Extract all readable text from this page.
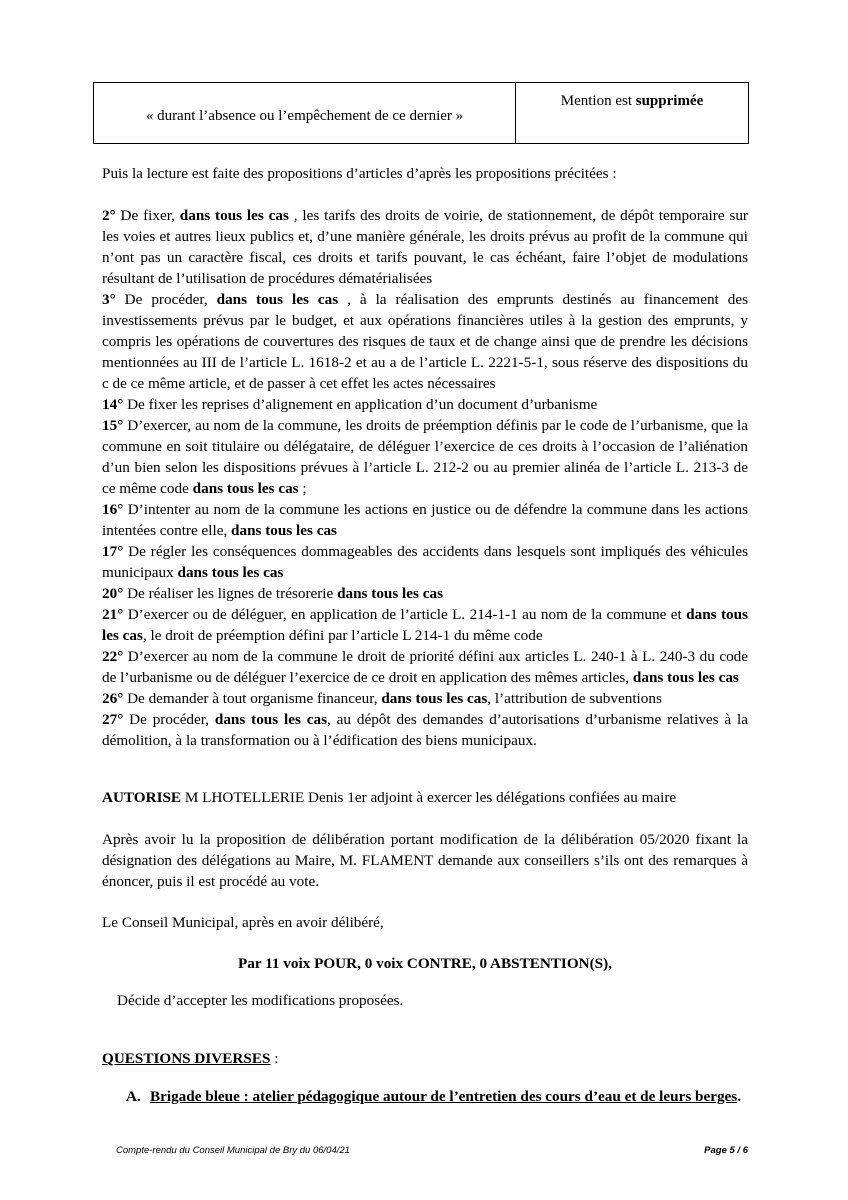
« durant l’absence ou l’empêchement de ce dernier »
Mention est supprimée
Puis la lecture est faite des propositions d’articles d’après les propositions précitées :

2° De fixer, dans tous les cas , les tarifs des droits de voirie, de stationnement, de dépôt temporaire sur les voies et autres lieux publics et, d’une manière générale, les droits prévus au profit de la commune qui n’ont pas un caractère fiscal, ces droits et tarifs pouvant, le cas échéant, faire l’objet de modulations résultant de l’utilisation de procédures dématérialisées

3° De procéder, dans tous les cas , à la réalisation des emprunts destinés au financement des investissements prévus par le budget, et aux opérations financières utiles à la gestion des emprunts, y compris les opérations de couvertures des risques de taux et de change ainsi que de prendre les décisions mentionnées au III de l’article L. 1618-2 et au a de l’article L. 2221-5-1, sous réserve des dispositions du c de ce même article, et de passer à cet effet les actes nécessaires

14° De fixer les reprises d’alignement en application d’un document d’urbanisme

15° D’exercer, au nom de la commune, les droits de préemption définis par le code de l’urbanisme, que la commune en soit titulaire ou délégataire, de déléguer l’exercice de ces droits à l’occasion de l’aliénation d’un bien selon les dispositions prévues à l’article L. 212-2 ou au premier alinéa de l’article L. 213-3 de ce même code dans tous les cas ;

16° D’intenter au nom de la commune les actions en justice ou de défendre la commune dans les actions intentées contre elle, dans tous les cas

17° De régler les conséquences dommageables des accidents dans lesquels sont impliqués des véhicules municipaux dans tous les cas

20° De réaliser les lignes de trésorerie dans tous les cas

21° D’exercer ou de déléguer, en application de l’article L. 214-1-1 au nom de la commune et dans tous les cas, le droit de préemption défini par l’article L 214-1 du même code

22° D’exercer au nom de la commune le droit de priorité défini aux articles L. 240-1 à L. 240-3 du code de l’urbanisme ou de déléguer l’exercice de ce droit en application des mêmes articles, dans tous les cas

26° De demander à tout organisme financeur, dans tous les cas, l’attribution de subventions

27° De procéder, dans tous les cas, au dépôt des demandes d’autorisations d’urbanisme relatives à la démolition, à la transformation ou à l’édification des biens municipaux.

AUTORISE M LHOTELLERIE Denis 1er adjoint à exercer les délégations confiées au maire
Après avoir lu la proposition de délibération portant modification de la délibération 05/2020 fixant la désignation des délégations au Maire, M. FLAMENT demande aux conseillers s’ils ont des remarques à énoncer, puis il est procédé au vote.
Le Conseil Municipal, après en avoir délibéré,
Par 11 voix POUR, 0 voix CONTRE, 0 ABSTENTION(S),
Décide d’accepter les modifications proposées.
QUESTIONS DIVERSES :
A. Brigade bleue : atelier pédagogique autour de l’entretien des cours d’eau et de leurs berges.
Compte-rendu du Conseil Municipal de Bry du 06/04/21	Page 5 / 6
